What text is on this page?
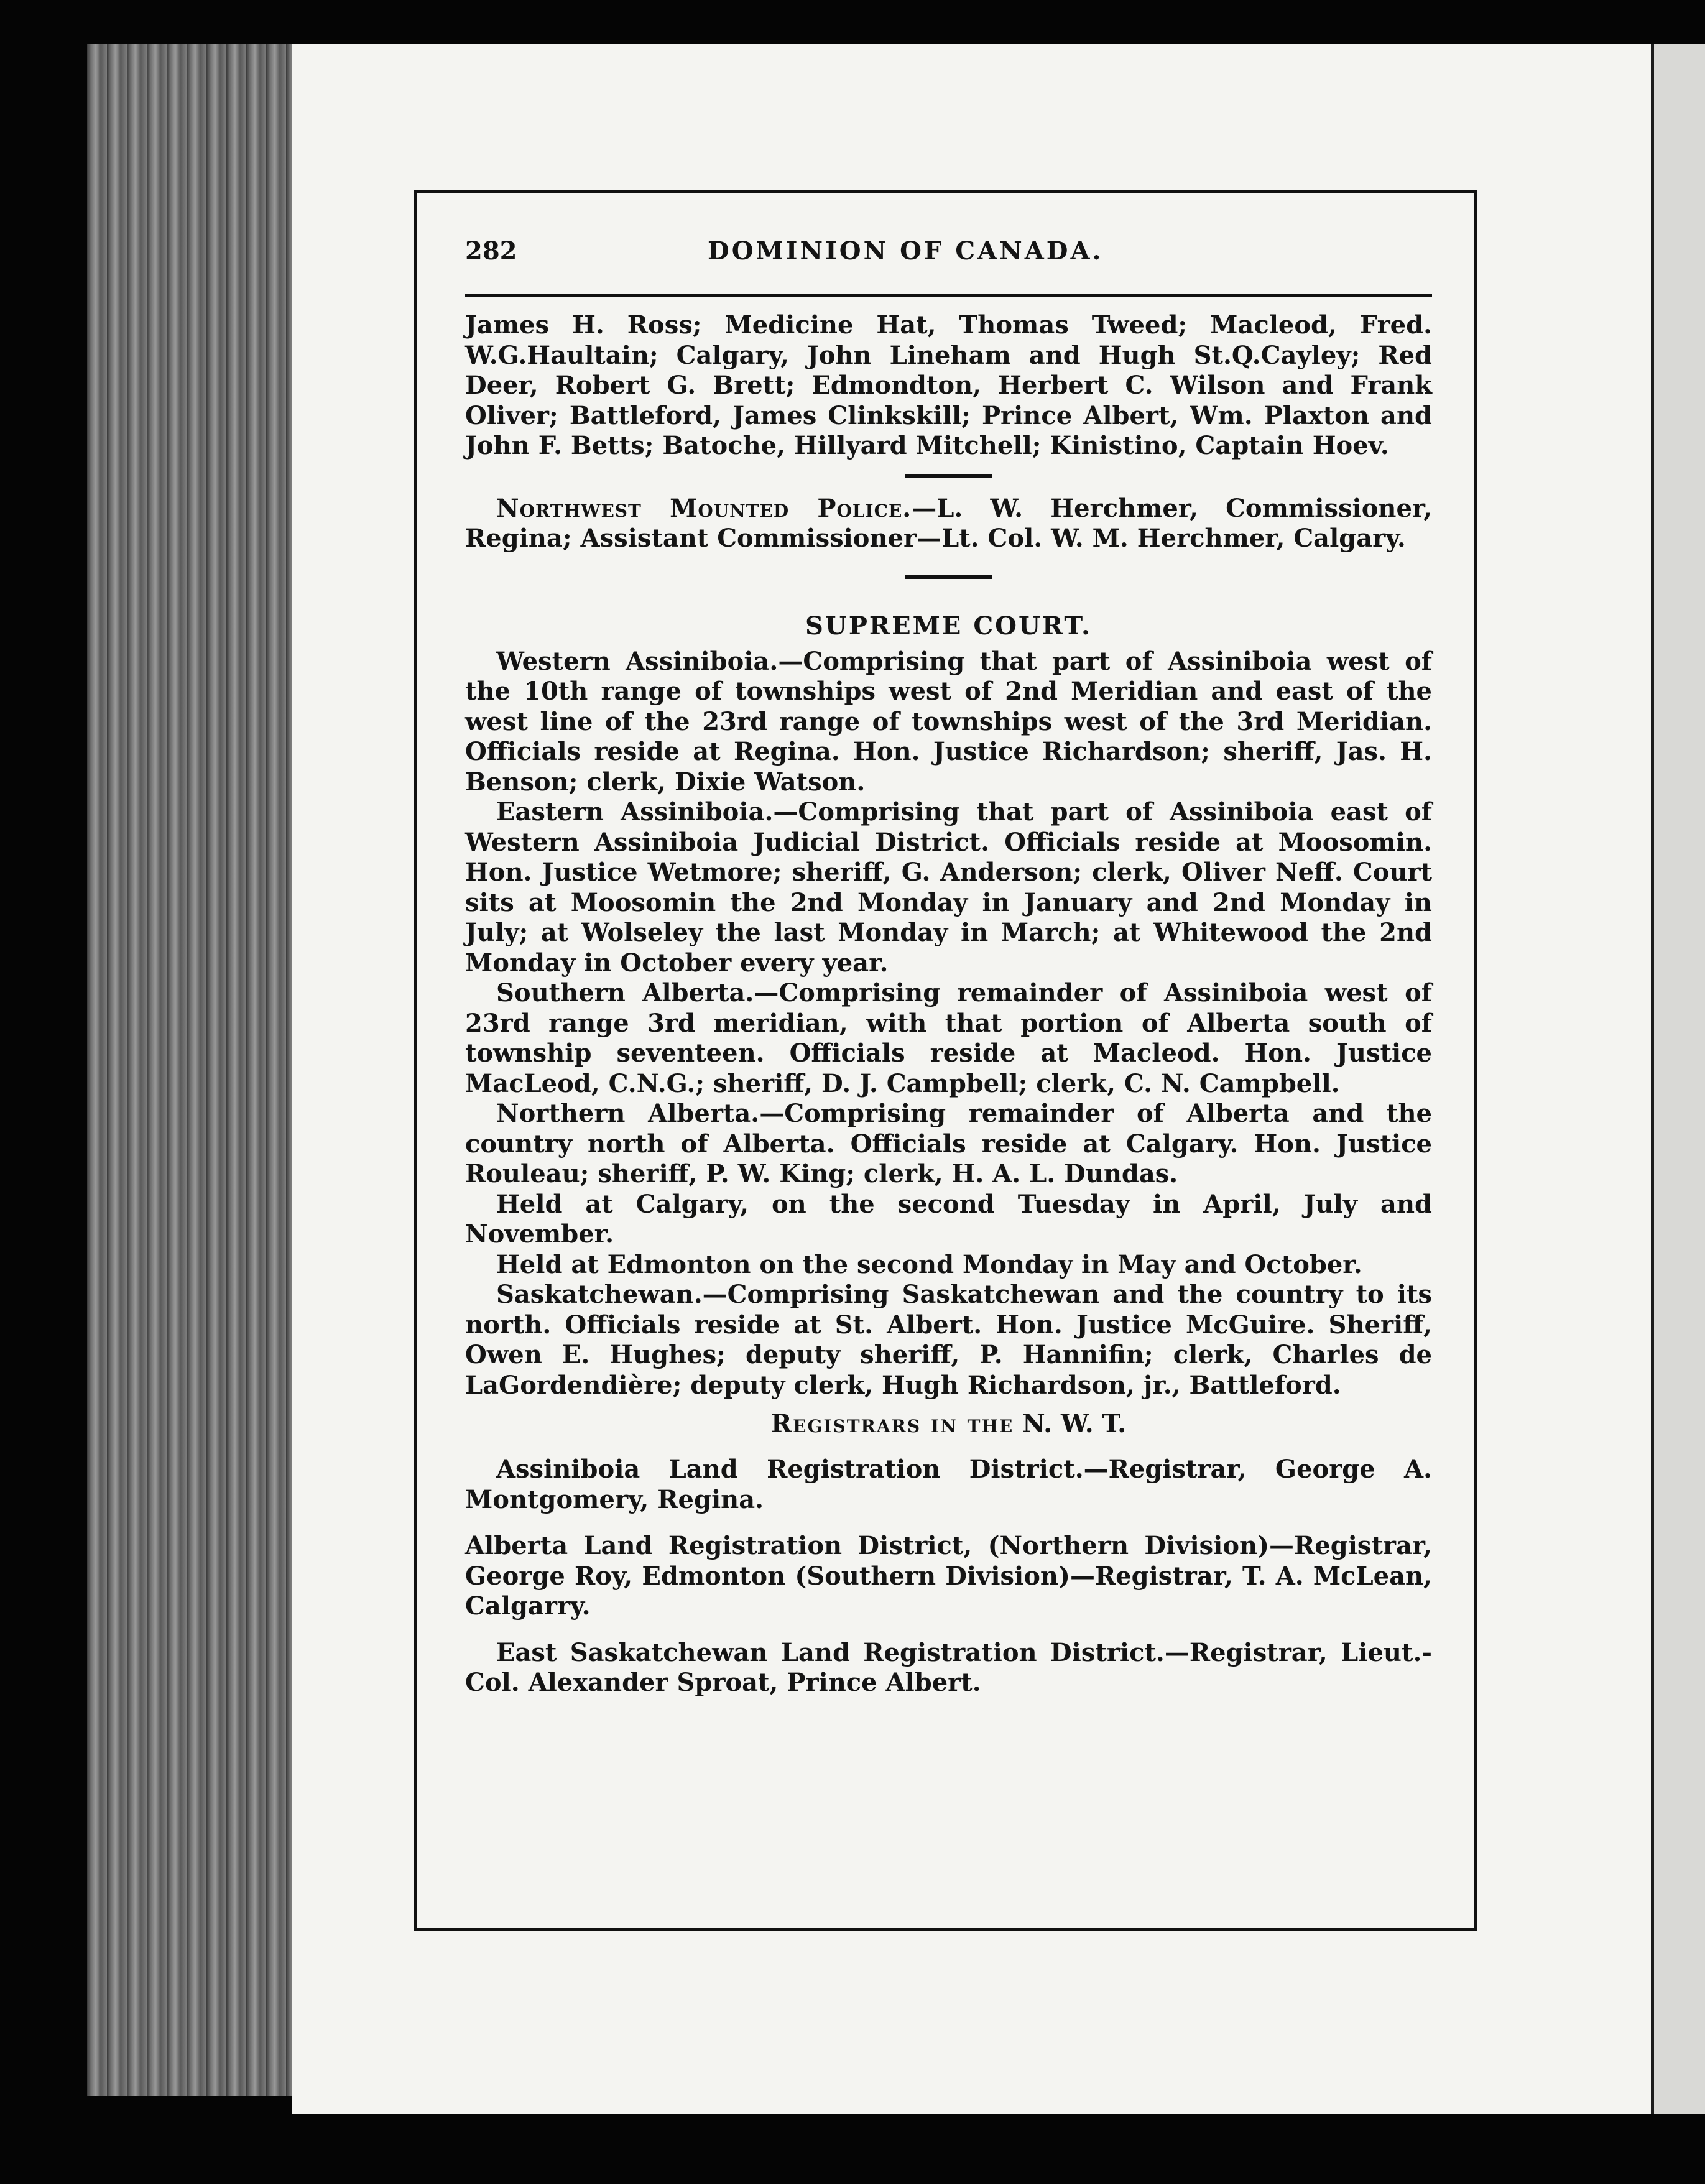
282	DOMINION OF CANADA.

James H. Ross; Medicine Hat, Thomas Tweed; Macleod, Fred. W.G.Haultain; Calgary, John Lineham and Hugh St.Q.Cayley; Red Deer, Robert G. Brett; Edmondton, Herbert C. Wilson and Frank Oliver; Battleford, James Clinkskill; Prince Albert, Wm. Plaxton and John F. Betts; Batoche, Hillyard Mitchell; Kinistino, Captain Hoev.

Northwest Mounted Police.—L. W. Herchmer, Commissioner, Regina; Assistant Commissioner—Lt. Col. W. M. Herchmer, Calgary.

SUPREME COURT.

Western Assiniboia.—Comprising that part of Assiniboia west of the 10th range of townships west of 2nd Meridian and east of the west line of the 23rd range of townships west of the 3rd Meridian. Officials reside at Regina. Hon. Justice Richardson; sheriff, Jas. H. Benson; clerk, Dixie Watson.

Eastern Assiniboia.—Comprising that part of Assiniboia east of Western Assiniboia Judicial District. Officials reside at Moosomin. Hon. Justice Wetmore; sheriff, G. Anderson; clerk, Oliver Neff. Court sits at Moosomin the 2nd Monday in January and 2nd Monday in July; at Wolseley the last Monday in March; at Whitewood the 2nd Monday in October every year.

Southern Alberta.—Comprising remainder of Assiniboia west of 23rd range 3rd meridian, with that portion of Alberta south of township seventeen. Officials reside at Macleod. Hon. Justice MacLeod, C.N.G.; sheriff, D. J. Campbell; clerk, C. N. Campbell.

Northern Alberta.—Comprising remainder of Alberta and the country north of Alberta. Officials reside at Calgary. Hon. Justice Rouleau; sheriff, P. W. King; clerk, H. A. L. Dundas.

Held at Calgary, on the second Tuesday in April, July and November.

Held at Edmonton on the second Monday in May and October.

Saskatchewan.—Comprising Saskatchewan and the country to its north. Officials reside at St. Albert. Hon. Justice McGuire. Sheriff, Owen E. Hughes; deputy sheriff, P. Hannifin; clerk, Charles de LaGordendière; deputy clerk, Hugh Richardson, jr., Battleford.

Registrars in the N. W. T.

Assiniboia Land Registration District.—Registrar, George A. Montgomery, Regina.

Alberta Land Registration District, (Northern Division)—Registrar, George Roy, Edmonton (Southern Division)—Registrar, T. A. McLean, Calgarry.

East Saskatchewan Land Registration District.—Registrar, Lieut.-Col. Alexander Sproat, Prince Albert.
